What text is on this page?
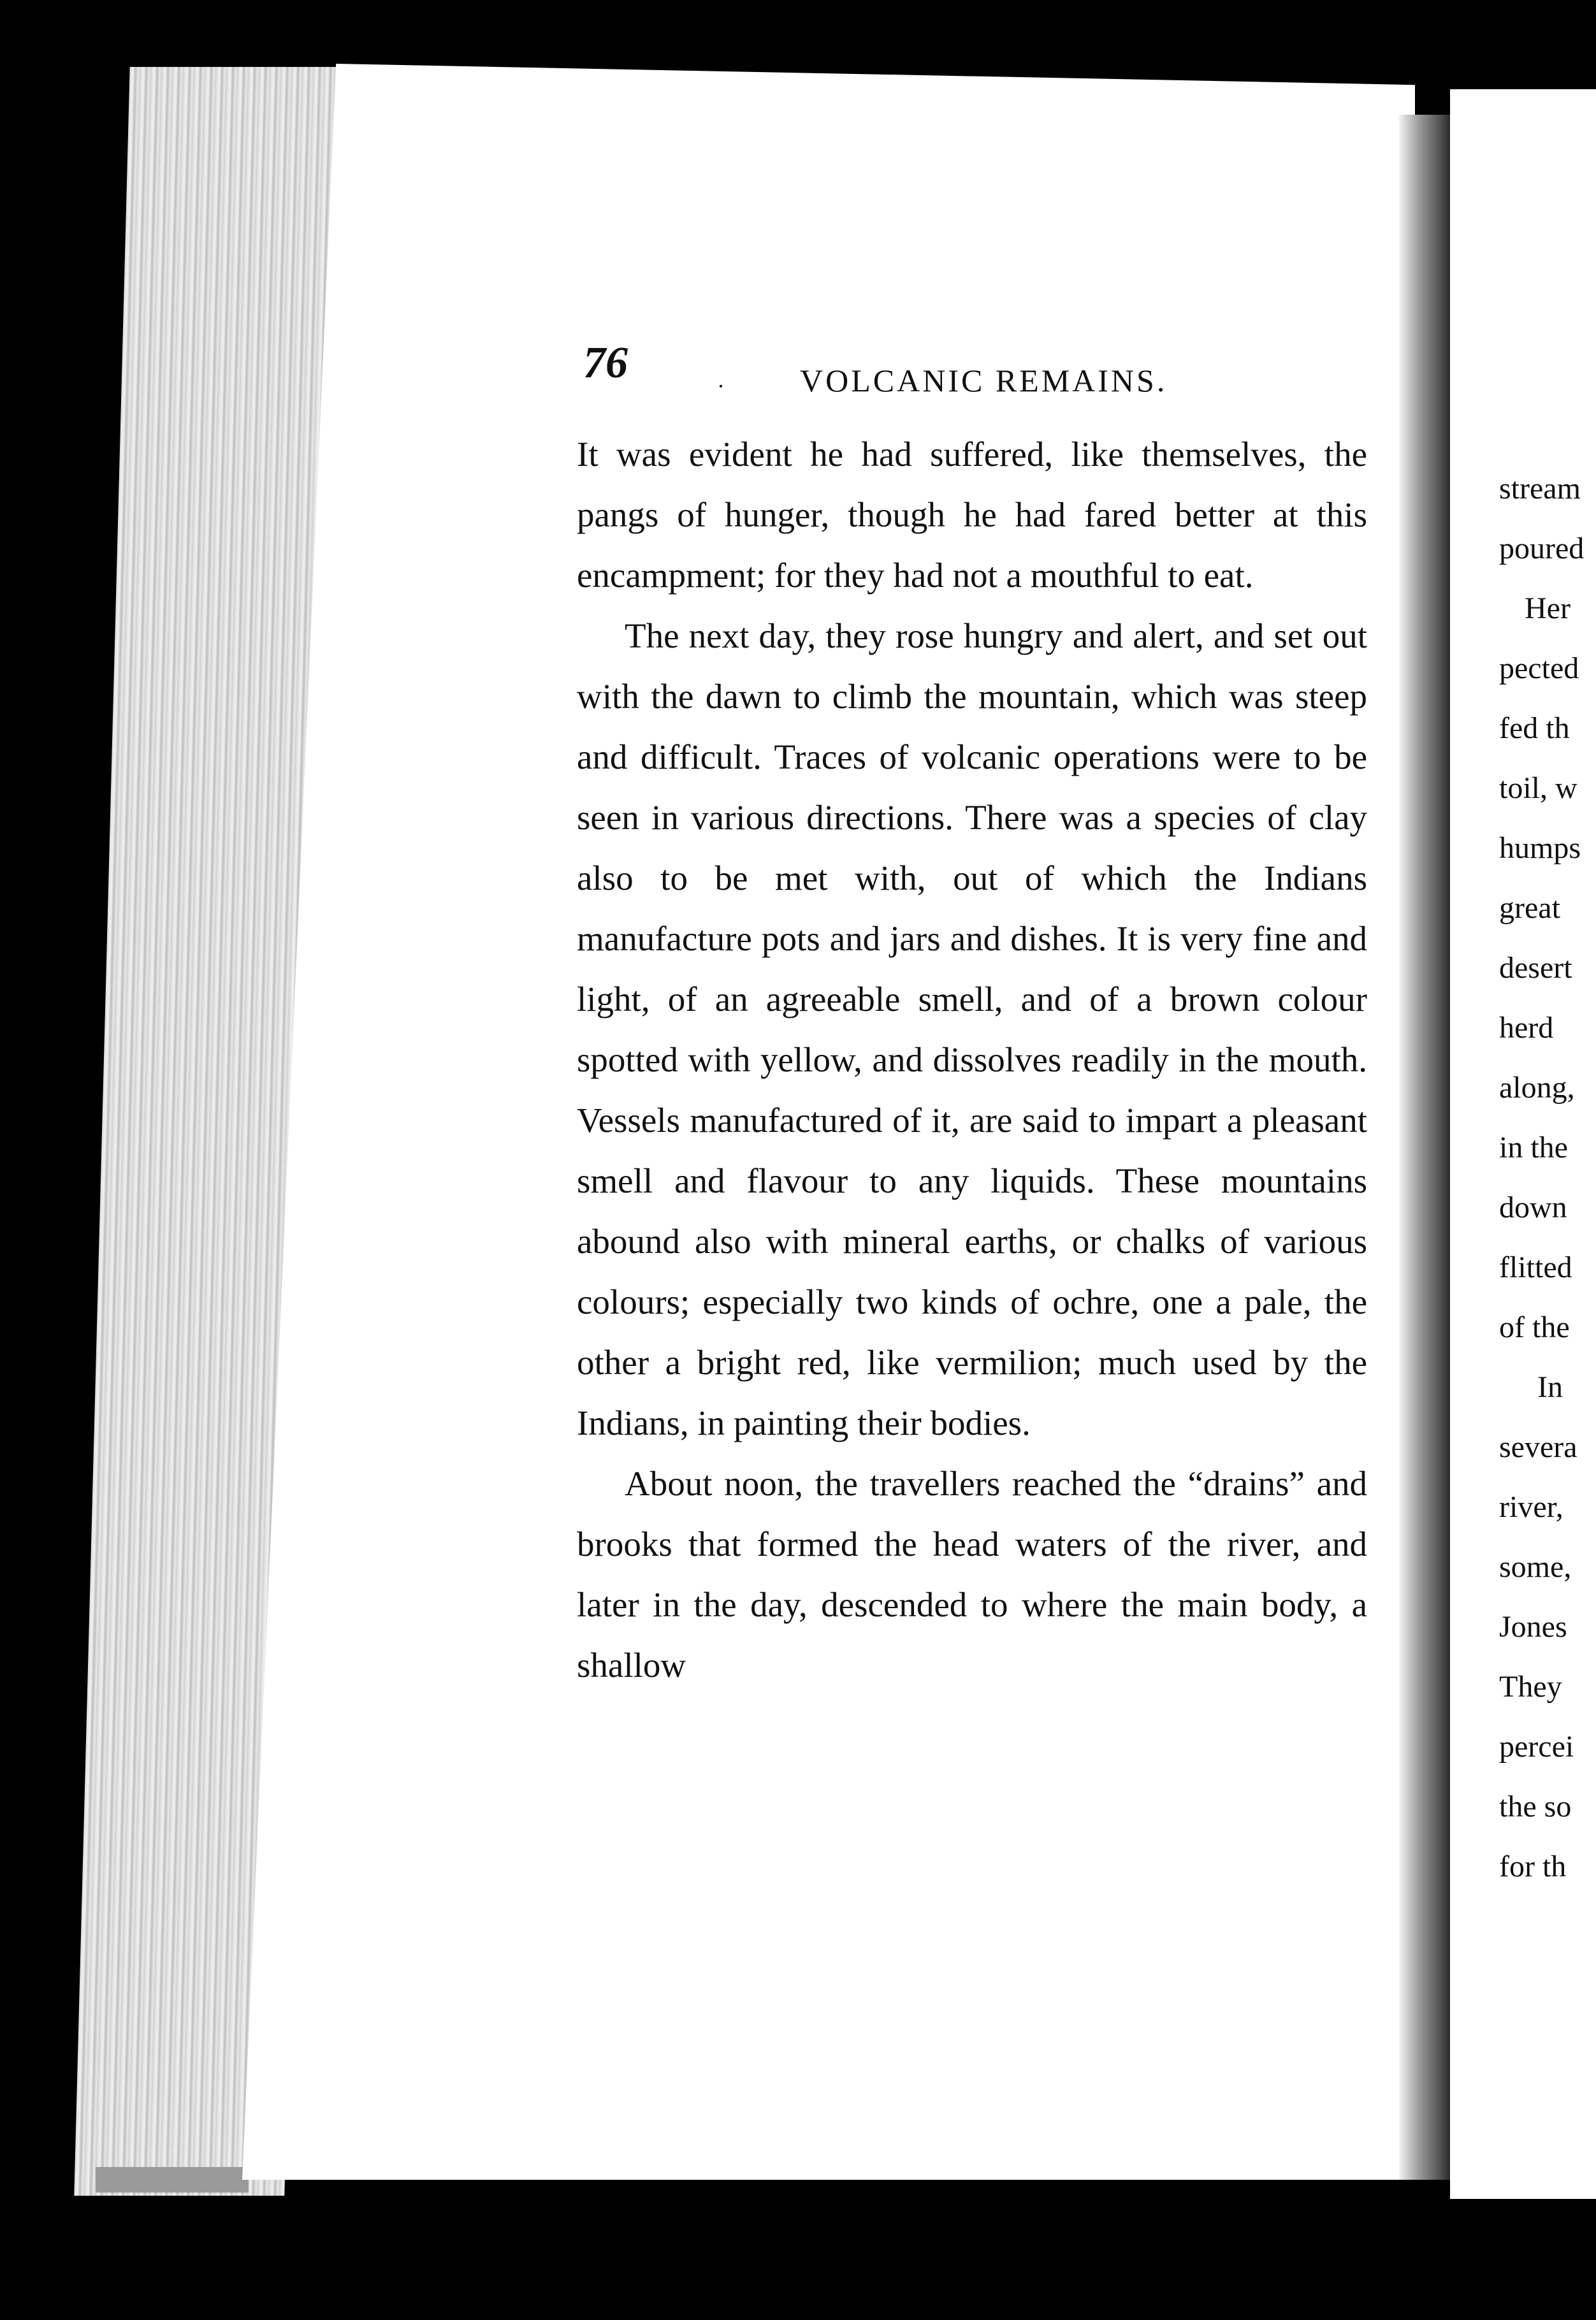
76	· VOLCANIC REMAINS.

It was evident he had suffered, like themselves, the pangs of hunger, though he had fared better at this encampment; for they had not a mouthful to eat.

The next day, they rose hungry and alert, and set out with the dawn to climb the mountain, which was steep and difficult. Traces of volcanic operations were to be seen in various directions. There was a species of clay also to be met with, out of which the Indians manufacture pots and jars and dishes. It is very fine and light, of an agreeable smell, and of a brown colour spotted with yellow, and dissolves readily in the mouth. Vessels manufactured of it, are said to impart a pleasant smell and flavour to any liquids. These mountains abound also with mineral earths, or chalks of various colours; especially two kinds of ochre, one a pale, the other a bright red, like vermilion; much used by the Indians, in painting their bodies.

About noon, the travellers reached the “drains” and brooks that formed the head waters of the river, and later in the day, descended to where the main body, a shallow

stream
poured
Her
pected
fed th
toil, w
humps
great
desert
herd
along,
in the
down
flitted
of the
In
severa
river,
some,
Jones
They
percei
the so
for th
